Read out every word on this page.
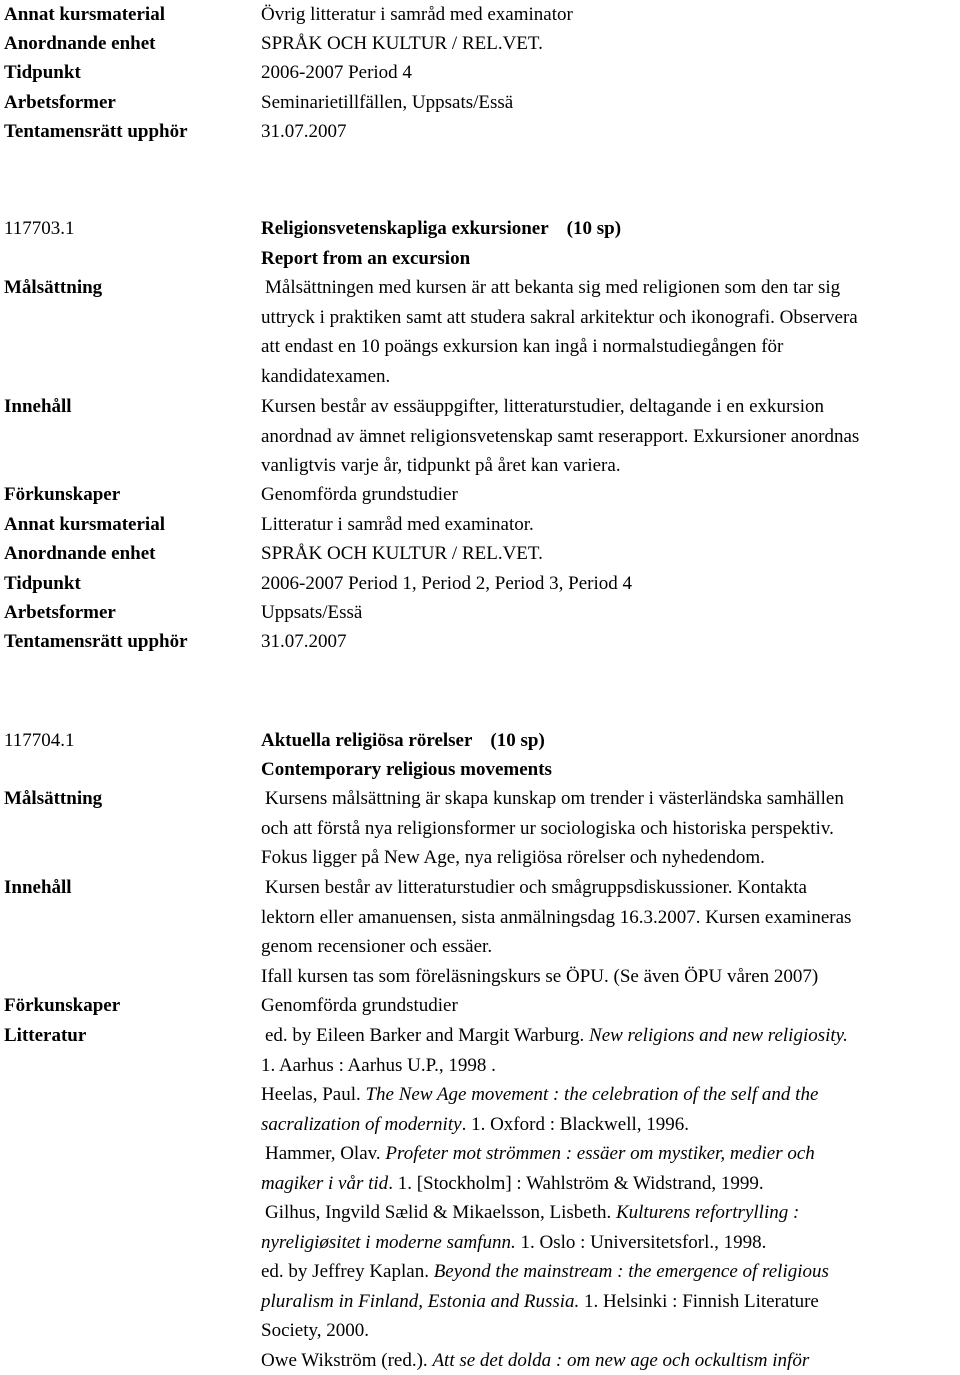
Annat kursmaterial	Övrig litteratur i samråd med examinator
Anordnande enhet	SPRÅK OCH KULTUR / REL.VET.
Tidpunkt	2006-2007 Period 4
Arbetsformer	Seminarietillfällen, Uppsats/Essä
Tentamensrätt upphör	31.07.2007
117703.1	Religionsvetenskapliga exkursioner (10 sp)
Report from an excursion
Målsättning	Målsättningen med kursen är att bekanta sig med religionen som den tar sig

uttryck i praktiken samt att studera sakral arkitektur och ikonografi. Observera

att endast en 10 poängs exkursion kan ingå i normalstudiegången för

kandidatexamen.

Innehåll	Kursen består av essäuppgifter, litteraturstudier, deltagande i en exkursion

anordnad av ämnet religionsvetenskap samt reserapport. Exkursioner anordnas

vanligtvis varje år, tidpunkt på året kan variera.

Förkunskaper	Genomförda grundstudier
Annat kursmaterial	Litteratur i samråd med examinator.
Anordnande enhet	SPRÅK OCH KULTUR / REL.VET.
Tidpunkt	2006-2007 Period 1, Period 2, Period 3, Period 4
Arbetsformer	Uppsats/Essä
Tentamensrätt upphör	31.07.2007
117704.1	Aktuella religiösa rörelser (10 sp)
Contemporary religious movements
Målsättning	Kursens målsättning är skapa kunskap om trender i västerländska samhällen

och att förstå nya religionsformer ur sociologiska och historiska perspektiv.

Fokus ligger på New Age, nya religiösa rörelser och nyhedendom.

Innehåll	Kursen består av litteraturstudier och smågruppsdiskussioner. Kontakta

lektorn eller amanuensen, sista anmälningsdag 16.3.2007. Kursen examineras

genom recensioner och essäer.

Ifall kursen tas som föreläsningskurs se ÖPU. (Se även ÖPU våren 2007)

Förkunskaper	Genomförda grundstudier
Litteratur	ed. by Eileen Barker and Margit Warburg. New religions and new religiosity.

1. Aarhus : Aarhus U.P., 1998 .

Heelas, Paul. The New Age movement : the celebration of the self and the

sacralization of modernity. 1. Oxford : Blackwell, 1996.

Hammer, Olav. Profeter mot strömmen : essäer om mystiker, medier och

magiker i vår tid. 1. [Stockholm] : Wahlström & Widstrand, 1999.

Gilhus, Ingvild Sælid & Mikaelsson, Lisbeth. Kulturens refortrylling :

nyreligiøsitet i moderne samfunn. 1. Oslo : Universitetsforl., 1998.

ed. by Jeffrey Kaplan. Beyond the mainstream : the emergence of religious

pluralism in Finland, Estonia and Russia. 1. Helsinki : Finnish Literature

Society, 2000.

Owe Wikström (red.). Att se det dolda : om new age och ockultism inför
